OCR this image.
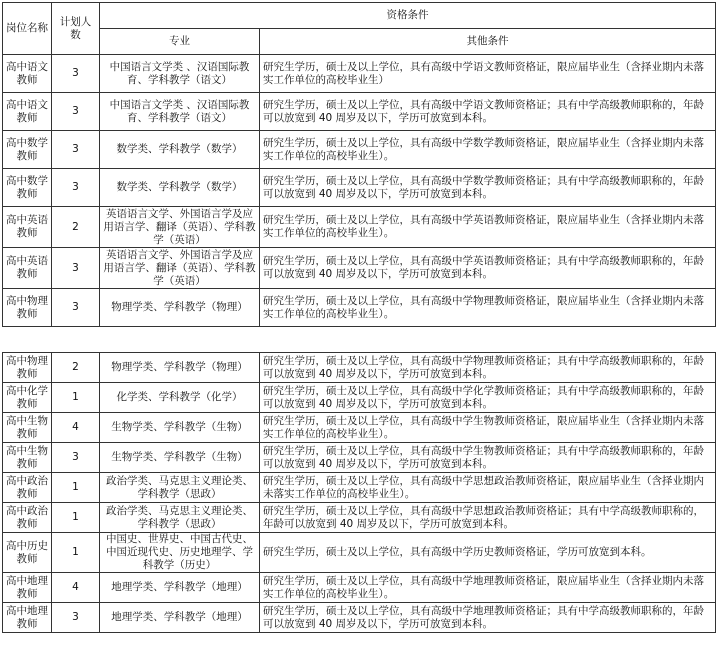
岗位名称	计划人数	资格条件	
		专业	其他条件
高中语文教师	3	中国语言文学类 、汉语国际教育、学科教学（语文）	研究生学历，硕士及以上学位，具有高级中学语文教师资格证，限应届毕业生（含择业期内未落实工作单位的高校毕业生）
高中语文教师	3	中国语言文学类 、汉语国际教育、学科教学（语文）	研究生学历，硕士及以上学位，具有高级中学语文教师资格证；具有中学高级教师职称的，年龄可以放宽到 40 周岁及以下，学历可放宽到本科。
高中数学教师	3	数学类、学科教学（数学）	研究生学历，硕士及以上学位，具有高级中学数学教师资格证，限应届毕业生（含择业期内未落实工作单位的高校毕业生）。
高中数学教师	3	数学类、学科教学（数学）	研究生学历，硕士及以上学位，具有高级中学数学教师资格证；具有中学高级教师职称的，年龄可以放宽到 40 周岁及以下，学历可放宽到本科。
高中英语教师	2	英语语言文学、外国语言学及应用语言学、翻译（英语）、学科教学（英语）	研究生学历，硕士及以上学位，具有高级中学英语教师资格证，限应届毕业生（含择业期内未落实工作单位的高校毕业生）。
高中英语教师	3	英语语言文学、外国语言学及应用语言学、翻译（英语）、学科教学（英语）	研究生学历，硕士及以上学位，具有高级中学英语教师资格证；具有中学高级教师职称的，年龄可以放宽到 40 周岁及以下，学历可放宽到本科。
高中物理教师	3	物理学类、学科教学（物理）	研究生学历，硕士及以上学位，具有高级中学物理教师资格证，限应届毕业生（含择业期内未落实工作单位的高校毕业生）。
高中物理教师	2	物理学类、学科教学（物理）	研究生学历，硕士及以上学位，具有高级中学物理教师资格证；具有中学高级教师职称的，年龄可以放宽到 40 周岁及以下，学历可放宽到本科。
高中化学教师	1	化学类、学科教学（化学）	研究生学历，硕士及以上学位，具有高级中学化学教师资格证；具有中学高级教师职称的，年龄可以放宽到 40 周岁及以下，学历可放宽到本科。
高中生物教师	4	生物学类、学科教学（生物）	研究生学历，硕士及以上学位，具有高级中学生物教师资格证，限应届毕业生（含择业期内未落实工作单位的高校毕业生）。
高中生物教师	3	生物学类、学科教学（生物）	研究生学历，硕士及以上学位，具有高级中学生物教师资格证；具有中学高级教师职称的，年龄可以放宽到 40 周岁及以下，学历可放宽到本科。
高中政治教师	1	政治学类、马克思主义理论类、学科教学（思政）	研究生学历，硕士及以上学位，具有高级中学思想政治教师资格证，限应届毕业生（含择业期内未落实工作单位的高校毕业生）。
高中政治教师	1	政治学类、马克思主义理论类、学科教学（思政）	研究生学历，硕士及以上学位，具有高级中学思想政治教师资格证；具有中学高级教师职称的，年龄可以放宽到 40 周岁及以下，学历可放宽到本科。
高中历史教师	1	中国史、世界史、中国古代史、中国近现代史、历史地理学、学科教学（历史）	研究生学历，硕士及以上学位，具有高级中学历史教师资格证，学历可放宽到本科。
高中地理教师	4	地理学类、学科教学（地理）	研究生学历，硕士及以上学位，具有高级中学地理教师资格证，限应届毕业生（含择业期内未落实工作单位的高校毕业生）。
高中地理教师	3	地理学类、学科教学（地理）	研究生学历，硕士及以上学位，具有高级中学地理教师资格证；具有中学高级教师职称的，年龄可以放宽到 40 周岁及以下，学历可放宽到本科。
